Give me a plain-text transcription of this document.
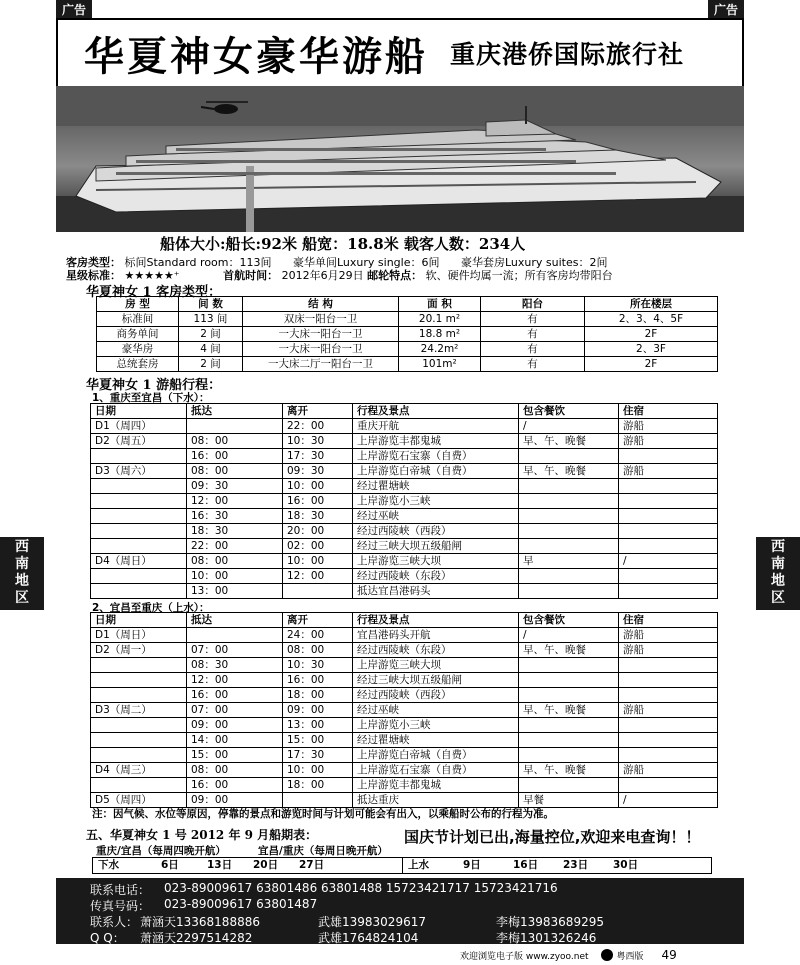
广告	广告
华夏神女豪华游船 重庆港侨国际旅行社
船体大小:船长:92米 船宽：18.8米 载客人数：234人
客房类型： 标间Standard room：113间 豪华单间Luxury single：6间 豪华套房Luxury suites：2间
星级标准： ★★★★★⁺	首航时间： 2012年6月29日 邮轮特点： 软、硬件均属一流；所有客房均带阳台
华夏神女 1 客房类型：
房 型	间 数	结 构	面 积	阳台	所在楼层
标准间	113 间	双床一阳台一卫	20.1 m²	有	2、3、4、5F
商务单间	2 间	一大床一阳台一卫	18.8 m²	有	2F
豪华房	4 间	一大床一阳台一卫	24.2m²	有	2、3F
总统套房	2 间	一大床二厅一阳台一卫	101m²	有	2F
华夏神女 1 游船行程：
1、重庆至宜昌（下水）：
日期	抵达	离开	行程及景点	包含餐饮	住宿
D1（周四）		22：00	重庆开航	/	游船
D2（周五）	08：00	10：30	上岸游览丰都鬼城	早、午、晚餐	游船
	16：00	17：30	上岸游览石宝寨（自费）		
D3（周六）	08：00	09：30	上岸游览白帝城（自费）	早、午、晚餐	游船
	09：30	10：00	经过瞿塘峡		
	12：00	16：00	上岸游览小三峡		
	16：30	18：30	经过巫峡		
	18：30	20：00	经过西陵峡（西段）		
	22：00	02：00	经过三峡大坝五级船闸		
D4（周日）	08：00	10：00	上岸游览三峡大坝	早	/
	10：00	12：00	经过西陵峡（东段）		
	13：00		抵达宜昌港码头		
2、宜昌至重庆（上水）：
日期	抵达	离开	行程及景点	包含餐饮	住宿
D1（周日）		24：00	宜昌港码头开航	/	游船
D2（周一）	07：00	08：00	经过西陵峡（东段）	早、午、晚餐	游船
	08：30	10：30	上岸游览三峡大坝		
	12：00	16：00	经过三峡大坝五级船闸		
	16：00	18：00	经过西陵峡（西段）		
D3（周二）	07：00	09：00	经过巫峡	早、午、晚餐	游船
	09：00	13：00	上岸游览小三峡		
	14：00	15：00	经过瞿塘峡		
	15：00	17：30	上岸游览白帝城（自费）		
D4（周三）	08：00	10：00	上岸游览石宝寨（自费）	早、午、晚餐	游船
	16：00	18：00	上岸游览丰都鬼城		
D5（周四）	09：00		抵达重庆	早餐	/
西
南
地
区
西
南
地
区
注：因气候、水位等原因，停靠的景点和游览时间与计划可能会有出入，以乘船时公布的行程为准。
五、华夏神女 1 号 2012 年 9 月船期表：	国庆节计划已出,海量控位,欢迎来电查询！！
重庆/宜昌（每周四晚开航）	宜昌/重庆（每周日晚开航）
下水	6日	13日	20日	27日	上水	9日	16日	23日	30日
联系电话： 023-89009617 63801486 63801488 15723421717 15723421716
传真号码： 023-89009617 63801487
联系人： 萧涵天13368188886	武雄13983029617	李梅13983689295
Q Q： 萧涵天2297514282	武雄1764824104	李梅1301326246
欢迎浏览电子版 www.zyoo.net	粤西版 49
